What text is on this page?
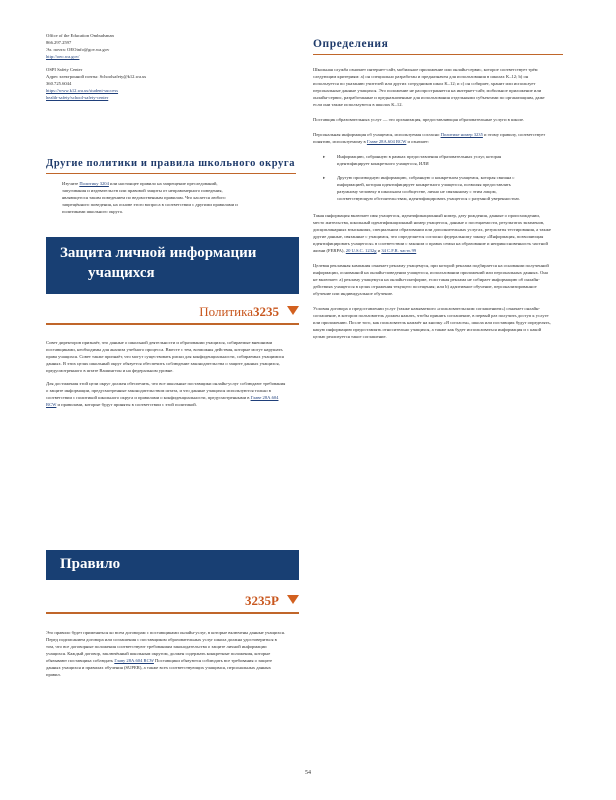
Office of the Education Ombudsman
866.297.2597
Эл. почта: OEOinfo@gov.wa.gov
http://oeo.wa.gov/
OSPI Safety Center
Адрес электронной почты: Schoolsafety@k12.wa.us
360.725.6044
https://www.k12.wa.us/student-success
health-safety/school-safety-center
Другие политики и правила школьного округа
Изучите Политику 3204 или настоящее правило на запрещение преследований, запугивания и издевательств или правовой защиты от неправомерного поведения, являющегося таким поведением по ведомственным правилам. Что касается любого запрещённого поведения, на основе этого вопроса в соответствии с другими правилами и политиками школьного округа.
Защита личной информации
учащихся
Политика3235

Совет директоров признаёт, что данные о школьной деятельности и образовании учащихся, собираемые внешними поставщиками, необходимы для анализа учебного процесса. Вместе с тем, возможны действия, которые могут нарушать права учащихся. Совет также признаёт, что могут существовать риски для конфиденциальности, собираемых учащимися данных. В этих целях школьный округ обязуется обеспечить соблюдение законодательства о защите данных учащихся, предусмотренного в штате Вашингтон и на федеральном уровне.

Для достижения этой цели округ должен обеспечить, что все школьные поставщики онлайн-услуг соблюдают требования о защите информации, предусмотренные законодательством штата, и что данные учащихся используются только в соответствии с политикой школьного округа и правилами о конфиденциальности, предусмотренными в Главе 28A.604 RCW и правилами, которые будут приняты в соответствии с этой политикой.

Правило
3235P
Это правило будет применяться ко всем договорам с поставщиками онлайн-услуг, в которые включены данные учащихся. Перед подписанием договора или соглашения с поставщиком образовательных услуг школа должна удостовериться в том, что все договорные положения соответствуют требованиям законодательства о защите личной информации учащихся. Каждый договор, заключённый школьным округом, должен содержать конкретные положения, которые обязывают поставщика соблюдать Главу 28A.604 RCW Поставщики обязуются соблюдать все требования о защите данных учащихся и правилах обучения (SUPER), а также всех соответствующих учащимся, персональных данных правил.
Определения

Школьная служба означает интернет-сайт, мобильное приложение или онлайн-сервис, которое соответствует трём следующим критериям: а) он специально разработан и предназначен для использования в школах K–12; b) он используется по указанию учителей или других сотрудников школ K–12; и с) он собирает, хранит или использует персональные данные учащихся. Это положение не распространяется на интернет-сайт, мобильное приложение или онлайн-сервис, разработанные и предназначенные для использования отдельными субъектами по организациям, даже если они также используются в школах K–12.

Поставщик образовательных услуг — это организация, предоставляющая образовательные услуги в школе.

Персональная информация об учащемся, используемая согласно Политике номер 3235 и этому правилу, соответствует понятию, используемому в Главе 28A.604 RCW и означает:

▸	Информацию, собранную в рамках предоставления образовательных услуг, которая идентифицирует конкретного учащегося, ИЛИ

▸	Другую производную информацию, собранную о конкретном учащемся, которая связана с информацией, которая идентифицирует конкретного учащегося, позволяя предоставлять разумному человеку в школьном сообществе, лично не связанному с этим лицом, соответствующую обстоятельствам, идентифицировать учащегося с разумной уверенностью.

Такая информация включает имя учащегося, идентификационный номер, дату рождения, данные о происхождении, место жительства, школьный идентификационный номер учащегося, данные о посещаемости, результатах экзаменов, дисциплинарных взысканиях, специальном образовании или дополнительных услугах, результаты тестирования, а также другие данные, связанные с учащимся, что определяется согласно федеральному закону «Информация, позволяющая идентифицировать учащегося» в соответствии с законом о правах семьи на образование и неприкосновенность частной жизни (FERPA), 20 U.S.C. 1232g и 34 C.F.R. часть 99

Целевая рекламная кампания означает рекламу учащемуся, при которой реклама подбирается на основании полученной информации, основанной на онлайн-поведении учащегося, использовании приложений или персональных данных. Она не включает: а) рекламу учащемуся на онлайн-платформе, если такая реклама не собирает информацию об онлайн-действиях учащегося в целях отражения текущего посещения; или b) адаптивное обучение, персонализированное обучение или индивидуальное обучение.

Условия договора о предоставлении услуг (также называемого «пользовательским соглашением») означает онлайн-соглашение, в котором пользователь должен нажать, чтобы принять соглашение, в первый раз получить доступ к услуге или приложению. После того, как пользователь нажмёт на кнопку «Я согласен», школа или поставщик будут определять, какую информацию предоставлять относительно учащихся, а также как будет использоваться информация и с какой целью реализуется такое соглашение.

54
